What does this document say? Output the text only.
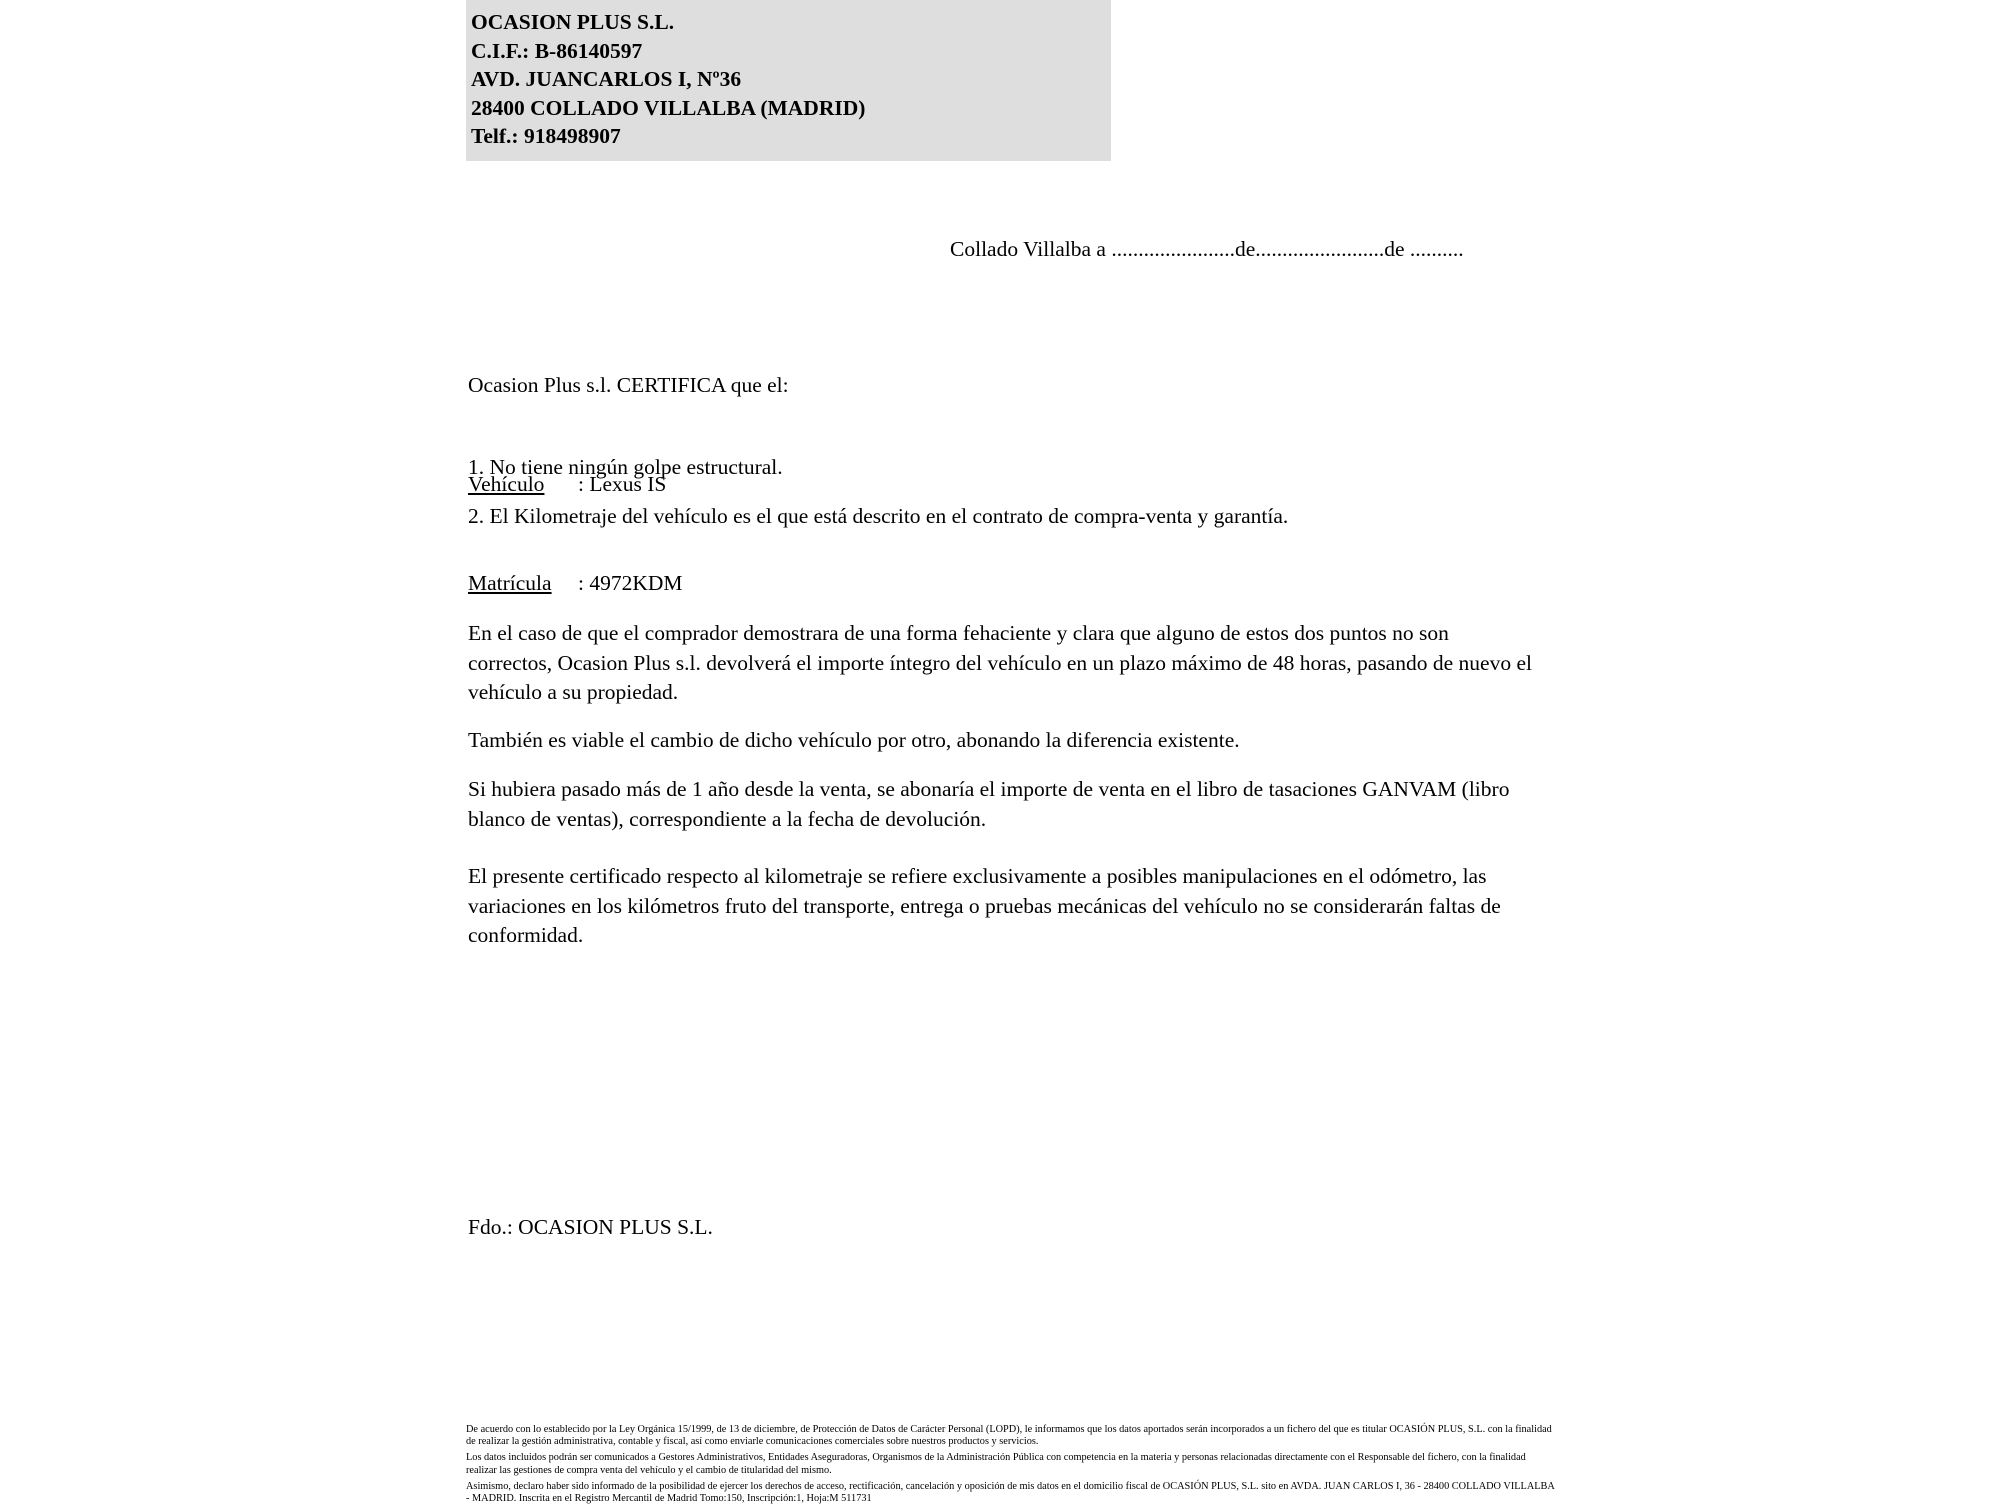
OCASION PLUS S.L.
C.I.F.: B-86140597
AVD. JUANCARLOS I, Nº36
28400 COLLADO VILLALBA (MADRID)
Telf.: 918498907
Collado Villalba a .......................de........................de ..........

Ocasion Plus s.l. CERTIFICA que el:

Vehículo : Lexus IS

Matrícula : 4972KDM

1. No tiene ningún golpe estructural.
2. El Kilometraje del vehículo es el que está descrito en el contrato de compra-venta y garantía.
En el caso de que el comprador demostrara de una forma fehaciente y clara que alguno de estos dos puntos no son correctos, Ocasion Plus s.l. devolverá el importe íntegro del vehículo en un plazo máximo de 48 horas, pasando de nuevo el vehículo a su propiedad.
También es viable el cambio de dicho vehículo por otro, abonando la diferencia existente.
Si hubiera pasado más de 1 año desde la venta, se abonaría el importe de venta en el libro de tasaciones GANVAM (libro blanco de ventas), correspondiente a la fecha de devolución.
El presente certificado respecto al kilometraje se refiere exclusivamente a posibles manipulaciones en el odómetro, las variaciones en los kilómetros fruto del transporte, entrega o pruebas mecánicas del vehículo no se considerarán faltas de conformidad.
Fdo.: OCASION PLUS S.L.

De acuerdo con lo establecido por la Ley Orgánica 15/1999, de 13 de diciembre, de Protección de Datos de Carácter Personal (LOPD), le informamos que los datos aportados serán incorporados a un fichero del que es titular OCASIÓN PLUS, S.L. con la finalidad de realizar la gestión administrativa, contable y fiscal, así como enviarle comunicaciones comerciales sobre nuestros productos y servicios.

Los datos incluidos podrán ser comunicados a Gestores Administrativos, Entidades Aseguradoras, Organismos de la Administración Pública con competencia en la materia y personas relacionadas directamente con el Responsable del fichero, con la finalidad realizar las gestiones de compra venta del vehículo y el cambio de titularidad del mismo.

Asimismo, declaro haber sido informado de la posibilidad de ejercer los derechos de acceso, rectificación, cancelación y oposición de mis datos en el domicilio fiscal de OCASIÓN PLUS, S.L. sito en AVDA. JUAN CARLOS I, 36 - 28400 COLLADO VILLALBA - MADRID. Inscrita en el Registro Mercantil de Madrid Tomo:150, Inscripción:1, Hoja:M 511731
